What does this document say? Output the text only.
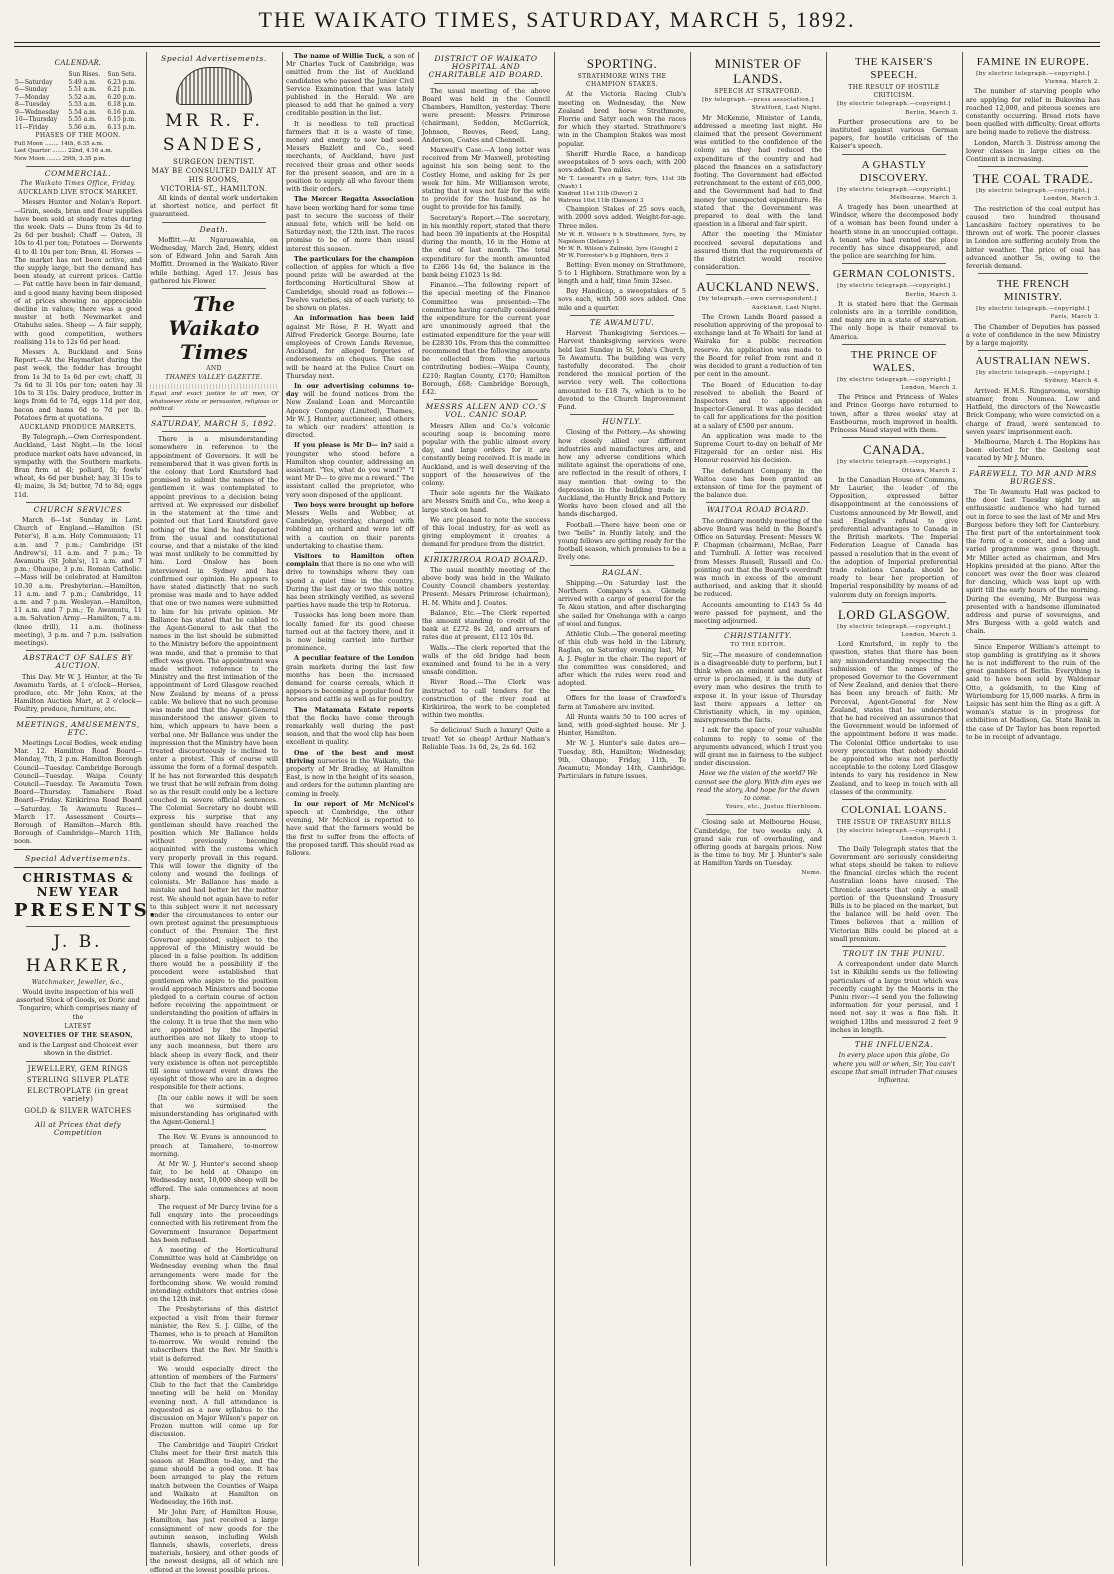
THE WAIKATO TIMES, SATURDAY, MARCH 5, 1892.
CALENDAR.
	Sun Rises.	Sun Sets.
5—Saturday	5.49 a.m.	6.23 p.m.
6—Sunday	5.51 a.m.	6.21 p.m.
7—Monday	5.52 a.m.	6.20 p.m.
8—Tuesday	5.53 a.m.	6.18 p.m.
9—Wednesday	5.54 a.m.	6.16 p.m.
10—Thursday	5.55 a.m.	6.15 p.m.
11—Friday	5.56 a.m.	6.13 p.m.
PHASES OF THE MOON.
Full Moon ........ 14th, 6.35 a.m.
Last Quarter ........ 22nd, 4.16 a.m.
New Moon ........ 29th, 3.35 p.m.
COMMERCIAL.
The Waikato Times Office, Friday.
AUCKLAND LIVE STOCK MARKET.

Messrs Hunter and Nolan's Report.—Grain, seeds, bran and flour supplies have been sold at steady rates during the week. Oats — Duns from 2s 4d to 2s 6d per bushel; Chaff — Oaten, 3l 10s to 4l per ton; Potatoes — Derwents 4l to 4l 10s per ton; Bran, 4l. Horses — The market has not been active, and the supply large, but the demand has been steady, at current prices. Cattle — Fat cattle have been in fair demand, and a good many having been disposed of at prices showing no appreciable decline in values; there was a good muster at both Newmarket and Otahuhu sales. Sheep — A fair supply, with good competition, wethers realising 11s to 12s 6d per head.

Messrs A. Buckland and Sons Report.—At the Haymarket during the past week, the fodder has brought from 1s 3d to 1s 6d per cwt; chaff, 3l 7s 6d to 3l 10s per ton; oaten hay 3l 10s to 3l 15s. Dairy produce, butter in kegs from 6d to 7d, eggs 11d per doz, bacon and hams 6d to 7d per lb. Potatoes firm at quotations.

AUCKLAND PRODUCE MARKETS.

By Telegraph.—Own Correspondent. Auckland, Last Night.—In the local produce market oats have advanced, in sympathy with the Southern markets. Bran firm at 4l; pollard, 5l; fowls' wheat, 4s 6d per bushel; hay, 3l 15s to 4l; maize, 3s 3d; butter, 7d to 8d; eggs 11d.

CHURCH SERVICES

March 6—1st Sunday in Lent. Church of England.—Hamilton (St Peter's), 8 a.m. Holy Communion; 11 a.m. and 7 p.m.; Cambridge (St Andrew's), 11 a.m. and 7 p.m.; Te Awamutu (St John's), 11 a.m. and 7 p.m.; Ohaupo, 3 p.m. Roman Catholic.—Mass will be celebrated at Hamilton 10.30 a.m. Presbyterian.—Hamilton, 11 a.m. and 7 p.m.; Cambridge, 11 a.m. and 7 p.m. Wesleyan.—Hamilton, 11 a.m. and 7 p.m.; Te Awamutu, 11 a.m. Salvation Army.—Hamilton, 7 a.m. (knee drill), 11 a.m. (holiness meeting), 3 p.m. and 7 p.m. (salvation meetings).

ABSTRACT OF SALES BY AUCTION.

This Day. Mr W. J. Hunter, at the Te Awamutu Yards, at 1 o'clock—Horses, produce, etc. Mr John Knox, at the Hamilton Auction Mart, at 2 o'clock—Poultry, produce, furniture, etc.

MEETINGS, AMUSEMENTS, ETC.

Meetings Local Bodies, week ending Mar. 12. Hamilton Road Board—Monday, 7th, 2 p.m. Hamilton Borough Council—Tuesday. Cambridge Borough Council—Tuesday. Waipa County Council—Tuesday. Te Awamutu Town Board—Thursday. Tamahere Road Board—Friday. Kirikiriroa Road Board—Saturday. Te Awamutu Races—March 17. Assessment Courts—Borough of Hamilton—March 8th. Borough of Cambridge—March 11th, noon.

Special Advertisements.
CHRISTMAS & NEW YEAR
PRESENTS.
J. B. HARKER,
Watchmaker, Jeweller, &c.,

Would invite inspection of his well assorted Stock of Goods, ex Doric and Tongariro, which comprises many of the

LATEST
NOVELTIES OF THE SEASON,

and is the Largest and Choicest ever shown in the district.

JEWELLERY, GEM RINGS
STERLING SILVER PLATE
ELECTROPLATE (in great variety)
GOLD & SILVER WATCHES
All at Prices that defy Competition
Special Advertisements.
MR R. F. SANDES,
SURGEON DENTIST.
MAY BE CONSULTED DAILY AT HIS ROOMS,
VICTORIA-ST., HAMILTON.

All kinds of dental work undertaken at shortest notice, and perfect fit guaranteed.

Death.

Moffitt.—At Ngaruawahia, on Wednesday, March 2nd, Henry, eldest son of Edward John and Sarah Ann Moffitt. Drowned in the Waikato River while bathing. Aged 17. Jesus has gathered his Flower.

The Waikato Times
AND
THAMES VALLEY GAZETTE.

Equal and exact justice to all men, Of whatsoever state or persuasion, religious or political.

SATURDAY, MARCH 5, 1892.

There is a misunderstanding somewhere in reference to the appointment of Governors. It will be remembered that it was given forth in the colony that Lord Knutsford had promised to submit the names of the gentlemen it was contemplated to appoint previous to a decision being arrived at. We expressed our disbelief in the statement at the time and pointed out that Lord Knutsford gave nothing of the kind he had departed from the usual and constitutional course, and that a mistake of the kind was most unlikely to be committed by him. Lord Onslow has been interviewed in Sydney and has confirmed our opinion. He appears to have stated distinctly that no such promise was made and to have added that one or two names were submitted to him for his private opinion. Mr Ballance has stated that he cabled to the Agent-General to ask that the names in the list should be submitted to the Ministry before the appointment was made, and that a promise to that effect was given. The appointment was made without reference to the Ministry and the first intimation of the appointment of Lord Glasgow reached New Zealand by means of a press cable. We believe that no such promise was made and that the Agent-General misunderstood the answer given to him, which appears to have been a verbal one. Mr Ballance was under the impression that the Ministry have been treated discourteously is inclined to enter a protest. This of course will assume the form of a formal despatch. If he has not forwarded this despatch we trust that he will refrain from doing so as the result could only be a lecture couched in severe official sentences. The Colonial Secretary no doubt will express his surprise that any gentleman should have reached the position which Mr Ballance holds without previously becoming acquainted with the customs which very properly prevail in this regard. This will lower the dignity of the colony and wound the feelings of colonists. Mr Ballance has made a mistake and had better let the matter rest. We should not again have to refer to this subject were it not necessary under the circumstances to enter our own protest against the presumptuous conduct of the Premier. The first Governor appointed, subject to the approval of the Ministry would be placed in a false position. In addition there would be a possibility if the precedent were established that gentlemen who aspire to the position would approach Ministers and become pledged to a certain course of action before receiving the appointment or understanding the position of affairs in the colony. It is true that the men who are appointed by the Imperial authorities are not likely to stoop to any such meanness, but there are black sheep in every flock, and their very existence is often not perceptible till some untoward event draws the eyesight of those who are in a degree responsible for their actions.

[In our cable news it will be seen that we surmised the misunderstanding has originated with the Agent-General.]

The Rev. W. Evans is announced to preach at Tamahere, to-morrow morning.

At Mr W. J. Hunter's second sheep fair, to be held at Ohaupo on Wednesday next, 10,000 sheep will be offered. The sale commences at noon sharp.

The request of Mr Darcy Irvine for a full enquiry into the proceedings connected with his retirement from the Government Insurance Department has been refused.

A meeting of the Horticultural Committee was held at Cambridge on Wednesday evening when the final arrangements were made for the forthcoming show. We would remind intending exhibitors that entries close on the 12th inst.

The Presbyterians of this district expected a visit from their former minister, the Rev. S. J. Gillie, of the Thames, who is to preach at Hamilton to-morrow. We would remind the subscribers that the Rev. Mr Smith's visit is deferred.

We would especially direct the attention of members of the Farmers' Club to the fact that the Cambridge meeting will be held on Monday evening next. A full attendance is requested as a new syllabus to the discussion on Major Wilson's paper on Frozen mutton will come up for discussion.

The Cambridge and Taupiri Cricket Clubs meet for their first match this season at Hamilton to-day, and the game should be a good one. It has been arranged to play the return match between the Counties of Waipa and Waikato at Hamilton on Wednesday, the 16th inst.

Mr John Parr, of Hamilton House, Hamilton, has just received a large consignment of new goods for the autumn season, including Welsh flannels, shawls, coverlets, dress materials, hosiery, and other goods of the newest designs, all of which are offered at the lowest possible prices.

The name of Willie Tuck, a son of Mr Charles Tuck of Cambridge, was omitted from the list of Auckland candidates who passed the Junior Civil Service Examination that was lately published in the Herald. We are pleased to add that he gained a very creditable position in the list.

It is needless to tell practical farmers that it is a waste of time, money and energy to sow bad seed. Messrs Hazlett and Co., seed merchants, of Auckland, have just received their grass and other seeds for the present season, and are in a position to supply all who favour them with their orders.

The Mercer Regatta Association have been working hard for some time past to secure the success of their annual fete, which will be held on Saturday next, the 12th inst. The races promise to be of more than usual interest this season.

The particulars for the champion collection of apples for which a five pound prize will be awarded at the forthcoming Horticultural Show at Cambridge, should read as follows:—Twelve varieties, six of each variety, to be shown on plates.

An information has been laid against Mr Rose, P. H. Wyatt and Alfred Frederick George Bourne, late employees of Crown Lands Revenue, Auckland, for alleged forgeries of endorsements on cheques. The case will be heard at the Police Court on Thursday next.

In our advertising columns to-day will be found notices from the New Zealand Loan and Mercantile Agency Company (Limited), Thames, Mr W. J. Hunter, auctioneer, and others to which our readers' attention is directed.

If you please is Mr D— in? said a youngster who stood before a Hamilton shop counter, addressing an assistant. "Yes, what do you want?" "I want Mr D— to give me a reward." The assistant called the proprietor, who very soon disposed of the applicant.

Two boys were brought up before Messrs Wells and Webber, at Cambridge, yesterday, charged with robbing an orchard and were let off with a caution on their parents undertaking to chastise them.

Visitors to Hamilton often complain that there is no one who will drive to townships where they can spend a quiet time in the country. During the last day or two this notice has been strikingly verified, as several parties have made the trip to Rotorua.

Tussocks has long been more than locally famed for its good cheese turned out at the factory there, and it is now being carried into further prominence.

A peculiar feature of the London grain markets during the last few months has been the increased demand for coarse cereals, which it appears is becoming a popular food for horses and cattle as well as for poultry.

The Matamata Estate reports that the flocks have come through remarkably well during the past season, and that the wool clip has been excellent in quality.

One of the best and most thriving nurseries in the Waikato, the property of Mr Bradley, at Hamilton East, is now in the height of its season, and orders for the autumn planting are coming in freely.

In our report of Mr McNicol's speech at Cambridge, the other evening, Mr McNicol is reported to have said that the farmers would be the first to suffer from the effects of the proposed tariff. This should read as follows.

DISTRICT OF WAIKATO HOSPITAL AND CHARITABLE AID BOARD.

The usual meeting of the above Board was held in the Council Chambers, Hamilton, yesterday. There were present: Messrs Primrose (chairman), Seddon, McGarrick, Johnson, Reeves, Reed, Lang, Anderson, Coates and Chennell.

Maxwell's Case.—A long letter was received from Mr Maxwell, protesting against his son being sent to the Costley Home, and asking for 2s per week for him. Mr Williamson wrote, stating that it was not fair for the wife to provide for the husband, as he ought to provide for his family.

Secretary's Report.—The secretary, in his monthly report, stated that there had been 39 inpatients at the Hospital during the month, 16 in the Home at the end of last month. The total expenditure for the month amounted to £266 14s 6d, the balance in the bank being £1023 1s 8d.

Finance.—The following report of the special meeting of the Finance Committee was presented:—The committee having carefully considered the expenditure for the current year are unanimously agreed that the estimated expenditure for the year will be £2830 10s. From this the committee recommend that the following amounts be collected from the various contributing bodies:—Waipa County, £210; Raglan County, £170; Hamilton Borough, £68; Cambridge Borough, £42.

MESSRS ALLEN AND CO.'S VOL. CANIC SOAP.

Messrs Allen and Co.'s volcanic scouring soap is becoming more popular with the public almost every day, and large orders for it are constantly being received. It is made in Auckland, and is well deserving of the support of the housewives of the colony.

Their sole agents for the Waikato are Messrs Smith and Co., who keep a large stock on hand.

We are pleased to note the success of this local industry, for as well as giving employment it creates a demand for produce from the district.

KIRIKIRIROA ROAD BOARD.

The usual monthly meeting of the above body was held in the Waikato County Council chambers yesterday. Present: Messrs Primrose (chairman), H. M. White and J. Coates.

Balance, Etc.—The Clerk reported the amount standing to credit of the bank at £272 8s 2d, and arrears of rates due at present, £112 10s 8d.

Walls.—The clerk reported that the walls of the old bridge had been examined and found to be in a very unsafe condition.

River Road.—The Clerk was instructed to call tenders for the construction of the river road at Kirikiriroa, the work to be completed within two months.

So delicious! Such a luxury! Quite a treat! Yet so cheap! Arthur Nathan's Reliable Teas. 1s 6d, 2s, 2s 6d. 162

SPORTING.
STRATHMORE WINS THE CHAMPION STAKES.

At the Victoria Racing Club's meeting on Wednesday, the New Zealand bred horse Strathmore, Florrie and Satyr each won the races for which they started. Strathmore's win in the Champion Stakes was most popular.

Sheriff Hurdle Race, a handicap sweepstakes of 5 sovs each, with 200 sovs added. Two miles.

Mr T. Leonard's ch g Satyr, 6yrs, 11st 3lb (Nash) 1
Kindred 11st 11lb (Duvcr) 2
Watrous 10st 11lb (Dawson) 3

Champion Stakes of 25 sovs each, with 2000 sovs added. Weight-for-age. Three miles.

Mr W. R. Wilson's b h Strathmore, 5yrs, by Napoleon (Delaney) 1
Mr W. R. Wilson's Zalinski, 3yrs (Gough) 2
Mr W. Forrester's b g Highborn, 6yrs 3

Betting: Even money on Strathmore, 5 to 1 Highborn. Strathmore won by a length and a half, time 5min 32sec.

Bay Handicap, a sweepstakes of 5 sovs each, with 500 sovs added. One mile and a quarter.

TE AWAMUTU.

Harvest Thanksgiving Services.—Harvest thanksgiving services were held last Sunday in St. John's Church, Te Awamutu. The building was very tastefully decorated. The choir rendered the musical portion of the service very well. The collections amounted to £18 7s, which is to be devoted to the Church Improvement Fund.

HUNTLY.

Closing of the Pottery.—As showing how closely allied our different industries and manufactures are, and how any adverse conditions which militate against the operations of one, are reflected in the result of others, I may mention that owing to the depression in the building trade in Auckland, the Huntly Brick and Pottery Works have been closed and all the hands discharged.

Football.—There have been one or two "bells" in Huntly lately, and the young fellows are getting ready for the football season, which promises to be a lively one.

RAGLAN.

Shipping.—On Saturday last the Northern Company's s.s. Glenelg arrived with a cargo of general for the Te Akau station, and after discharging she sailed for Onehunga with a cargo of wool and fungus.

Athletic Club.—The general meeting of this club was held in the Library, Raglan, on Saturday evening last, Mr A. J. Pegler in the chair. The report of the committee was considered, and after which the rules were read and adopted.

Offers for the lease of Crawford's farm at Tamahere are invited.

All Hunts wants 50 to 100 acres of land, with good-sighted house. Mr J. Hunter, Hamilton.

Mr W. J. Hunter's sale dates are—Tuesday, 8th, Hamilton; Wednesday, 9th, Ohaupo; Friday, 11th, Te Awamutu; Monday 14th, Cambridge. Particulars in future issues.

MINISTER OF LANDS.
SPEECH AT STRATFORD.
[by telegraph.—press association.]
Stratford, Last Night.

Mr McKenzie, Minister of Lands, addressed a meeting last night. He claimed that the present Government was entitled to the confidence of the colony as they had reduced the expenditure of the country and had placed the finances on a satisfactory footing. The Government had effected retrenchment to the extent of £65,000, and the Government had had to find money for unexpected expenditure. He stated that the Government was prepared to deal with the land question in a liberal and fair spirit.

After the meeting the Minister received several deputations and assured them that the requirements of the district would receive consideration.

AUCKLAND NEWS.
[by telegraph.—own correspondent.]
Auckland, Last Night.

The Crown Lands Board passed a resolution approving of the proposal to exchange land at Te Whaiti for land at Wairaka for a public recreation reserve. An application was made to the Board for relief from rent and it was decided to grant a reduction of ten per cent in the amount.

The Board of Education to-day resolved to abolish the Board of Inspectors and to appoint an Inspector-General. It was also decided to call for applications for the position at a salary of £500 per annum.

An application was made to the Supreme Court to-day on behalf of Mr Fitzgerald for an order nisi. His Honour reserved his decision.

The defendant Company in the Waitoa case has been granted an extension of time for the payment of the balance due.

WAITOA ROAD BOARD.

The ordinary monthly meeting of the above Board was held in the Board's Office on Saturday. Present: Messrs W. F. Chapman (chairman), McRae, Parr and Turnbull. A letter was received from Messrs Russell, Russell and Co. pointing out that the Board's overdraft was much in excess of the amount authorised, and asking that it should be reduced.

Accounts amounting to £143 5s 4d were passed for payment, and the meeting adjourned.

CHRISTIANITY.
TO THE EDITOR.

Sir,—The measure of condemnation is a disagreeable duty to perform, but I think when an eminent and manifest error is proclaimed, it is the duty of every man who desires the truth to expose it. In your issue of Thursday last there appears a letter on Christianity which, in my opinion, misrepresents the facts.

I ask for the space of your valuable columns to reply to some of the arguments advanced, which I trust you will grant me in fairness to the subject under discussion.

Have we the vision of the world? We cannot see the glory. With dim eyes we read the story, And hope for the dawn to come.

Yours, etc., Justus Hierbloom.

Closing sale at Melbourne House, Cambridge, for two weeks only. A grand sale run of overhauling, and offering goods at bargain prices. Now is the time to buy. Mr J. Hunter's sale at Hamilton Yards on Tuesday.

Nemo.
THE KAISER'S SPEECH.
THE RESULT OF HOSTILE CRITICISM.
[by electric telegraph.—copyright.]
Berlin, March 3.

Further prosecutions are to be instituted against various German papers, for hostile criticism of the Kaiser's speech.

A GHASTLY DISCOVERY.
[by electric telegraph.—copyright.]
Melbourne, March 3.

A tragedy has been unearthed at Windsor, where the decomposed body of a woman has been found under a hearth stone in an unoccupied cottage. A tenant who had rented the place recently has since disappeared, and the police are searching for him.

GERMAN COLONISTS.
[by electric telegraph.—copyright.]
Berlin, March 3.

It is stated here that the German colonists are in a terrible condition, and many are in a state of starvation. The only hope is their removal to America.

THE PRINCE OF WALES.
[by electric telegraph.—copyright.]
London, March 3.

The Prince and Princess of Wales and Prince George have returned to town, after a three weeks' stay at Eastbourne, much improved in health. Princess Maud stayed with them.

CANADA.
[by electric telegraph.—copyright.]
Ottawa, March 2.

In the Canadian House of Commons, Mr Laurier, the leader of the Opposition, expressed bitter disappointment at the concessions of Customs announced by Mr Bowell, and said England's refusal to give preferential advantages to Canada in the British markets. The Imperial Federation League of Canada has passed a resolution that in the event of the adoption of Imperial preferential trade relations Canada should be ready to bear her proportion of Imperial responsibility by means of ad valorem duty on foreign imports.

LORD GLASGOW.
[by electric telegraph.—copyright.]
London, March 3.

Lord Knutsford, in reply to the question, states that there has been any misunderstanding respecting the submission of the names of the proposed Governor to the Government of New Zealand, and denies that there has been any breach of faith. Mr Perceval, Agent-General for New Zealand, states that he understood that he had received an assurance that the Government would be informed of the appointment before it was made. The Colonial Office undertake to use every precaution that nobody should be appointed who was not perfectly acceptable to the colony. Lord Glasgow intends to vary his residence in New Zealand, and to keep in touch with all classes of the community.

COLONIAL LOANS.
THE ISSUE OF TREASURY BILLS
[by electric telegraph.—copyright.]
London, March 3.

The Daily Telegraph states that the Government are seriously considering what steps should be taken to relieve the financial circles which the recent Australian loans have caused. The Chronicle asserts that only a small portion of the Queensland Treasury Bills is to be placed on the market, but the balance will be held over. The Times believes that a million of Victorian Bills could be placed at a small premium.

TROUT IN THE PUNIU.

A correspondent under date March 1st in Kihikihi sends us the following particulars of a large trout which was recently caught by the Maoris in the Puniu river:—I send you the following information for your perusal, and I need not say it was a fine fish. It weighed 13lbs and measured 2 feet 9 inches in length.

THE INFLUENZA.

In every place upon this globe, Go where you will or when, Sir, You can't escape that small intruder That causes influenza.

FAMINE IN EUROPE.
[by electric telegraph.—copyright.]
Vienna, March 2.

The number of starving people who are applying for relief in Bukovina has reached 12,000, and piteous scenes are constantly occurring. Bread riots have been quelled with difficulty. Great efforts are being made to relieve the distress.

London, March 3. Distress among the lower classes in large cities on the Continent is increasing.

THE COAL TRADE.
[by electric telegraph.—copyright.]
London, March 3.

The restriction of the coal output has caused two hundred thousand Lancashire factory operatives to be thrown out of work. The poorer classes in London are suffering acutely from the bitter weather. The price of coal has advanced another 5s, owing to the feverish demand.

THE FRENCH MINISTRY.
[by electric telegraph.—copyright.]
Paris, March 3.

The Chamber of Deputies has passed a vote of confidence in the new Ministry by a large majority.

AUSTRALIAN NEWS.
[by electric telegraph.—copyright.]
Sydney, March 4.

Arrived: H.M.S. Ringarooma, worship steamer, from Noumea. Low and Hatfield, the directors of the Newcastle Brick Company, who were convicted on a charge of fraud, were sentenced to seven years' imprisonment each.

Melbourne, March 4. The Hopkins has been elected for the Geelong seat vacated by Mr J. Munro.

FAREWELL TO MR AND MRS BURGESS.

The Te Awamutu Hall was packed to the door last Tuesday night by an enthusiastic audience who had turned out in force to see the last of Mr and Mrs Burgess before they left for Canterbury. The first part of the entertainment took the form of a concert, and a long and varied programme was gone through. Mr Miller acted as chairman, and Mrs Hopkins presided at the piano. After the concert was over the floor was cleared for dancing, which was kept up with spirit till the early hours of the morning. During the evening, Mr Burgess was presented with a handsome illuminated address and purse of sovereigns, and Mrs Burgess with a gold watch and chain.

Since Emperor William's attempt to stop gambling is gratifying as it shows he is not indifferent to the ruin of the great gamblers of Berlin. Everything is said to have been sold by Waldemar Otto, a goldsmith, to the King of Würtemburg for 15,000 marks. A firm in Leipsic has sent him the Ring as a gift. A woman's statue is in progress for exhibition at Madison, Ga. State Bank in the case of Dr Taylor has been reported to be in receipt of advantage.
